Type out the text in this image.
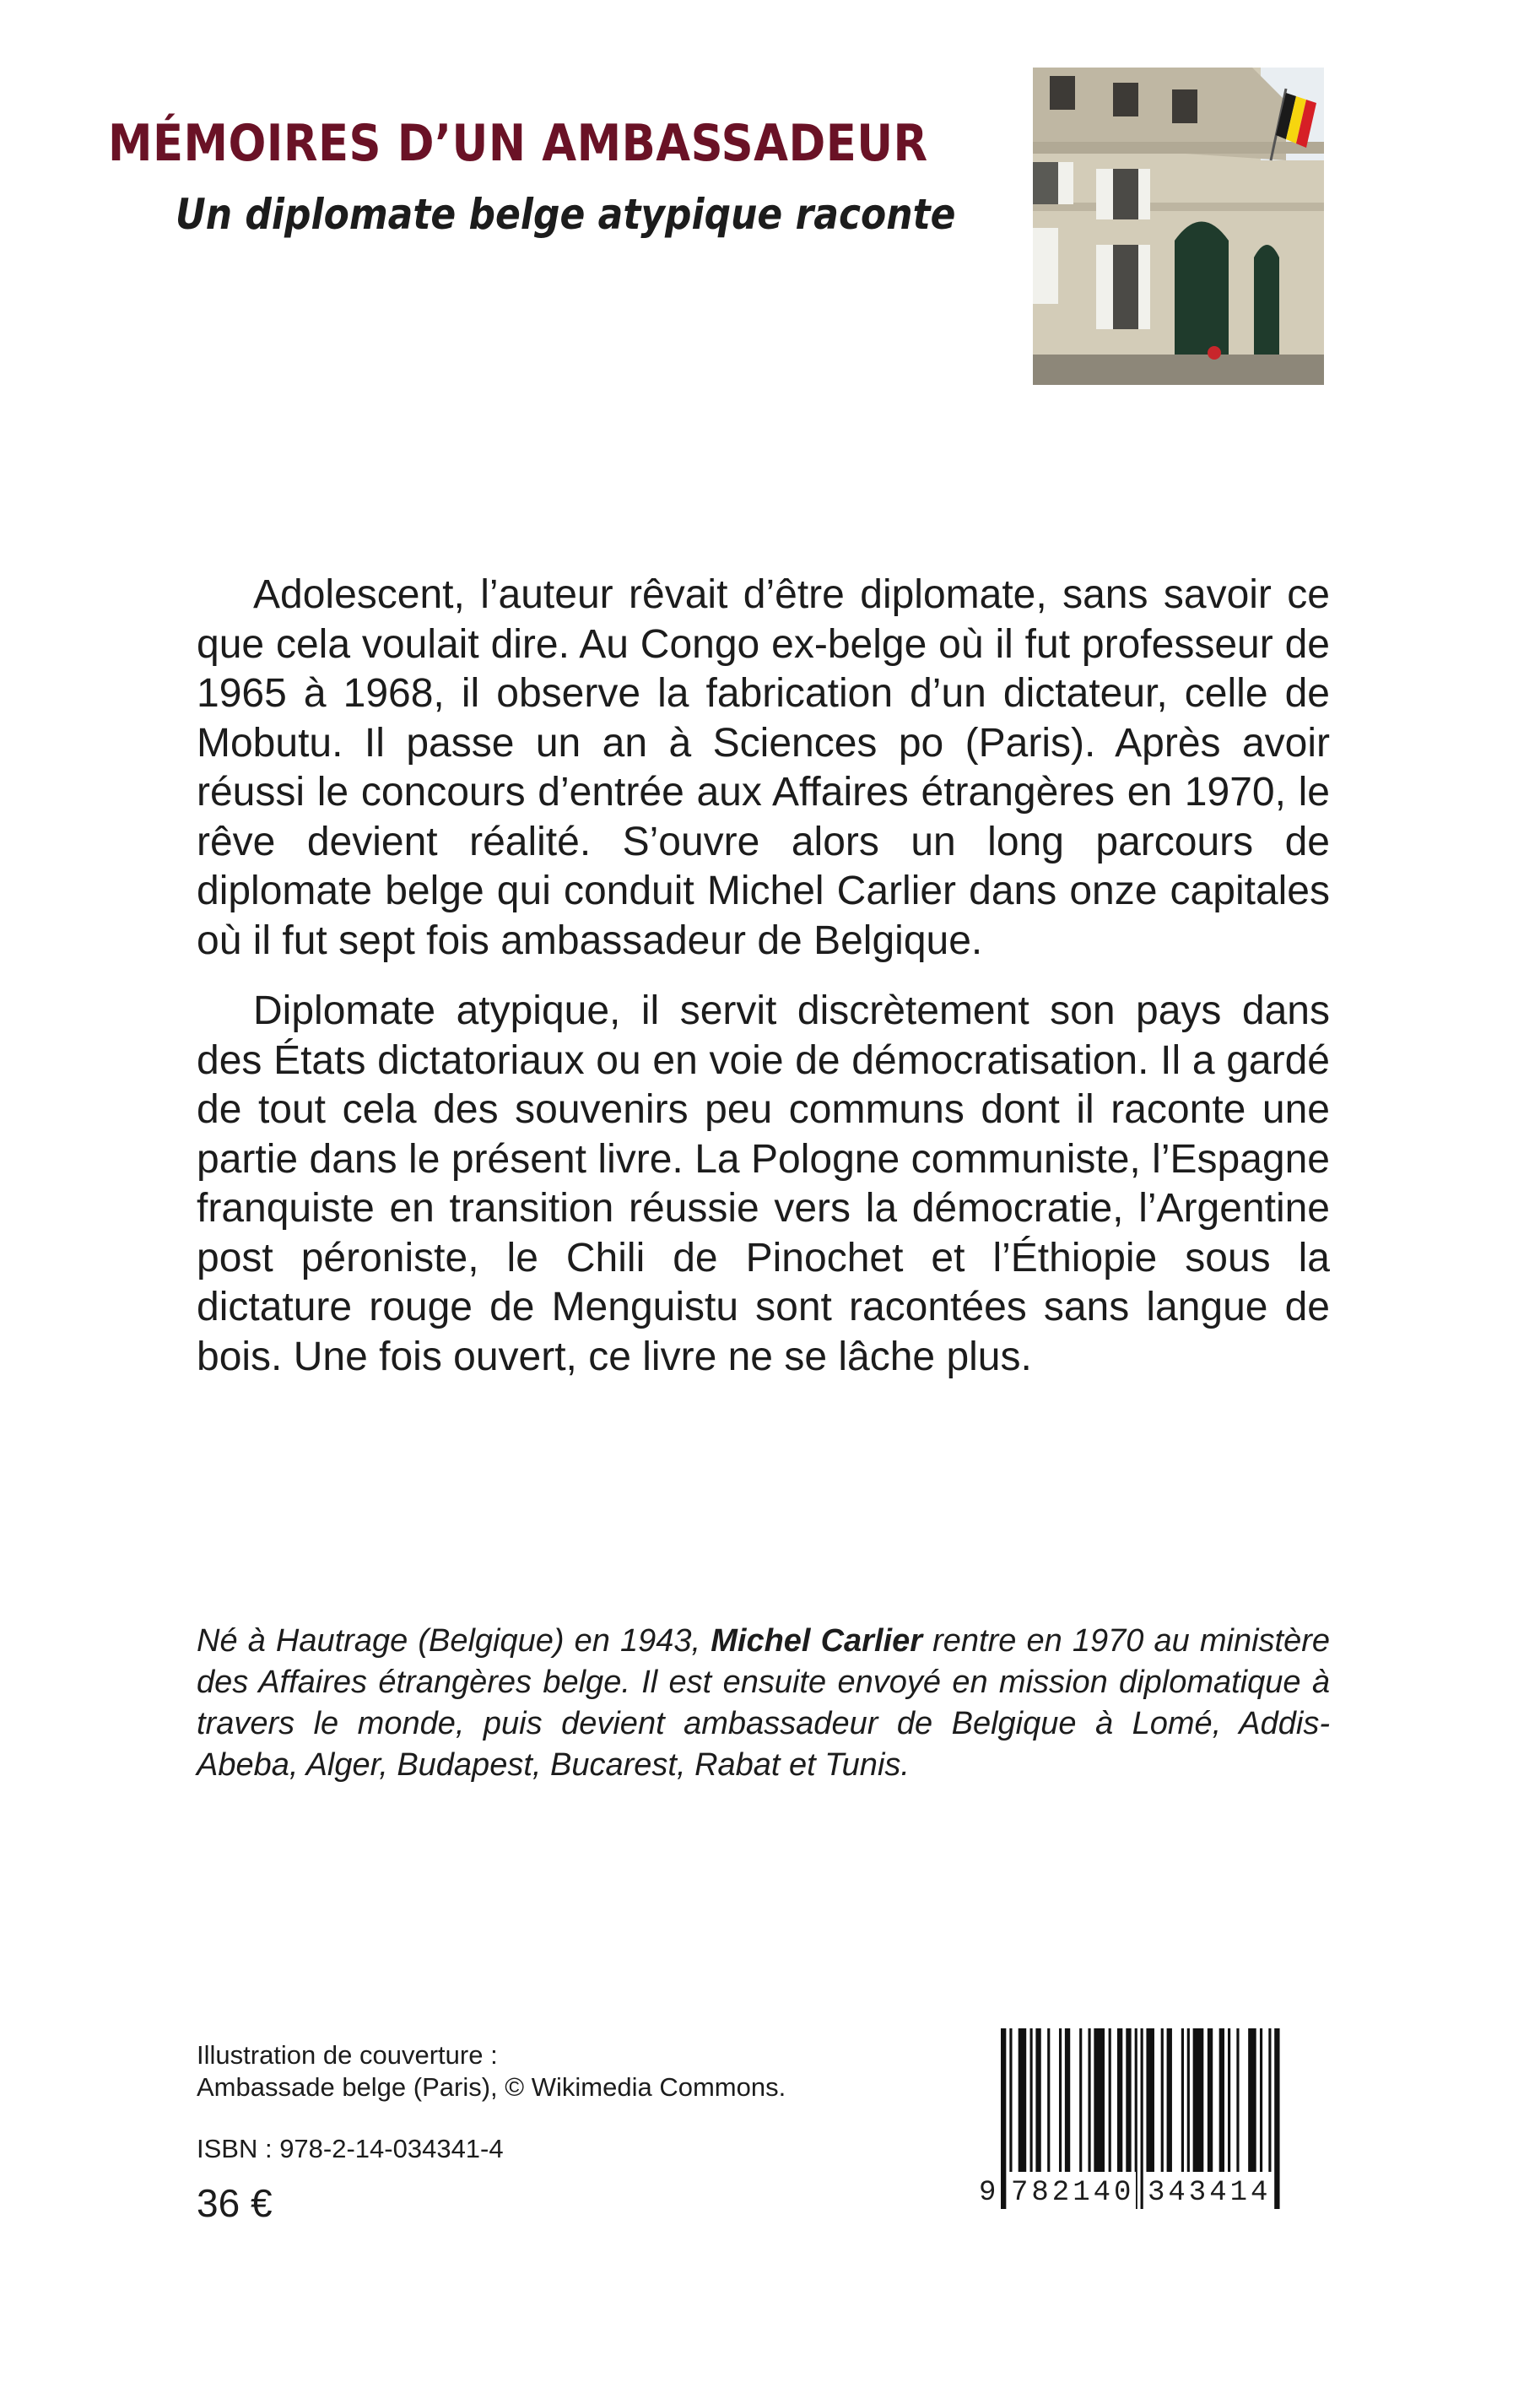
MÉMOIRES D’UN AMBASSADEUR
Un diplomate belge atypique raconte

Adolescent, l’auteur rêvait d’être diplomate, sans savoir ce que cela voulait dire. Au Congo ex-belge où il fut professeur de 1965 à 1968, il observe la fabrication d’un dictateur, celle de Mobutu. Il passe un an à Sciences po (Paris). Après avoir réussi le concours d’entrée aux Affaires étrangères en 1970, le rêve devient réalité. S’ouvre alors un long parcours de diplomate belge qui conduit Michel Carlier dans onze capitales où il fut sept fois ambassadeur de Belgique.

Diplomate atypique, il servit discrètement son pays dans des États dictatoriaux ou en voie de démocratisation. Il a gardé de tout cela des souvenirs peu communs dont il raconte une partie dans le présent livre. La Pologne communiste, l’Espagne franquiste en transition réussie vers la démocratie, l’Argentine post péroniste, le Chili de Pinochet et l’Éthiopie sous la dictature rouge de Menguistu sont racontées sans langue de bois. Une fois ouvert, ce livre ne se lâche plus.

Né à Hautrage (Belgique) en 1943, Michel Carlier rentre en 1970 au ministère des Affaires étrangères belge. Il est ensuite envoyé en mission diplomatique à travers le monde, puis devient ambassadeur de Belgique à Lomé, Addis-Abeba, Alger, Budapest, Bucarest, Rabat et Tunis.
Illustration de couverture :
Ambassade belge (Paris), © Wikimedia Commons.
ISBN : 978-2-14-034341-4
36 €	9 782140 343414
